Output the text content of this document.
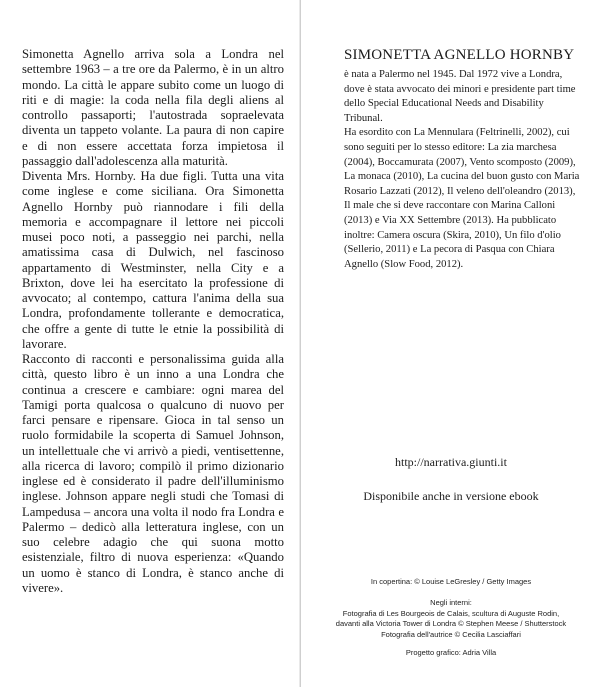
Simonetta Agnello arriva sola a Londra nel settembre 1963 – a tre ore da Palermo, è in un altro mondo. La città le appare subito come un luogo di riti e di magie: la coda nella fila degli aliens al controllo passaporti; l'autostrada sopraelevata diventa un tappeto volante. La paura di non capire e di non essere accettata forza impietosa il passaggio dall'adolescenza alla maturità.

Diventa Mrs. Hornby. Ha due figli. Tutta una vita come inglese e come siciliana. Ora Simonetta Agnello Hornby può riannodare i fili della memoria e accompagnare il lettore nei piccoli musei poco noti, a passeggio nei parchi, nella amatissima casa di Dulwich, nel fascinoso appartamento di Westminster, nella City e a Brixton, dove lei ha esercitato la professione di avvocato; al contempo, cattura l'anima della sua Londra, profondamente tollerante e democratica, che offre a gente di tutte le etnie la possibilità di lavorare.

Racconto di racconti e personalissima guida alla città, questo libro è un inno a una Londra che continua a crescere e cambiare: ogni marea del Tamigi porta qualcosa o qualcuno di nuovo per farci pensare e ripensare. Gioca in tal senso un ruolo formidabile la scoperta di Samuel Johnson, un intellettuale che vi arrivò a piedi, ventisettenne, alla ricerca di lavoro; compilò il primo dizionario inglese ed è considerato il padre dell'illuminismo inglese. Johnson appare negli studi che Tomasi di Lampedusa – ancora una volta il nodo fra Londra e Palermo – dedicò alla letteratura inglese, con un suo celebre adagio che qui suona motto esistenziale, filtro di nuova esperienza: «Quando un uomo è stanco di Londra, è stanco anche di vivere».

SIMONETTA AGNELLO HORNBY

è nata a Palermo nel 1945. Dal 1972 vive a Londra, dove è stata avvocato dei minori e presidente part time dello Special Educational Needs and Disability Tribunal.

Ha esordito con La Mennulara (Feltrinelli, 2002), cui sono seguiti per lo stesso editore: La zia marchesa (2004), Boccamurata (2007), Vento scomposto (2009), La monaca (2010), La cucina del buon gusto con Maria Rosario Lazzati (2012), Il veleno dell'oleandro (2013), Il male che si deve raccontare con Marina Calloni (2013) e Via XX Settembre (2013). Ha pubblicato inoltre: Camera oscura (Skira, 2010), Un filo d'olio (Sellerio, 2011) e La pecora di Pasqua con Chiara Agnello (Slow Food, 2012).

http://narrativa.giunti.it
Disponibile anche in versione ebook
In copertina: © Louise LeGresley / Getty Images
Negli interni:
Fotografia di Les Bourgeois de Calais, scultura di Auguste Rodin,
davanti alla Victoria Tower di Londra © Stephen Meese / Shutterstock
Fotografia dell'autrice © Cecilia Lasciaffari
Progetto grafico: Adria Villa
